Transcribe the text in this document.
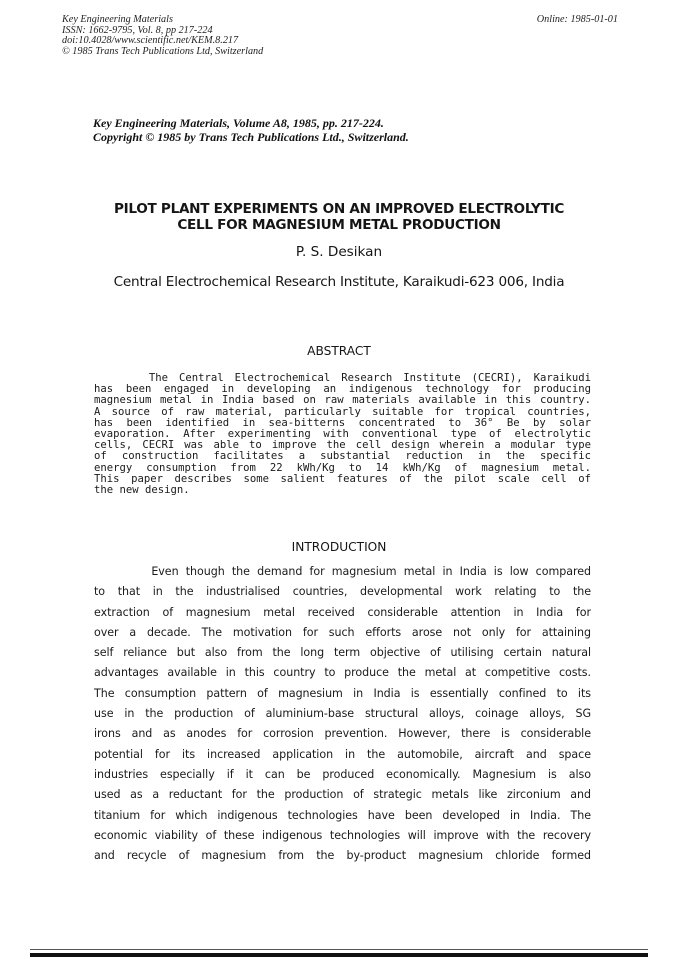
Key Engineering Materials
ISSN: 1662-9795, Vol. 8, pp 217-224
doi:10.4028/www.scientific.net/KEM.8.217
© 1985 Trans Tech Publications Ltd, Switzerland
Online: 1985-01-01
Key Engineering Materials, Volume A8, 1985, pp. 217-224.
Copyright © 1985 by Trans Tech Publications Ltd., Switzerland.
PILOT PLANT EXPERIMENTS ON AN IMPROVED ELECTROLYTIC
CELL FOR MAGNESIUM METAL PRODUCTION
P. S. Desikan
Central Electrochemical Research Institute, Karaikudi-623 006, India
ABSTRACT
The Central Electrochemical Research Institute (CECRI), Karaikudi
has been engaged in developing an indigenous technology for producing
magnesium metal in India based on raw materials available in this country.
A source of raw material, particularly suitable for tropical countries,
has been identified in sea-bitterns concentrated to 36° Be by solar
evaporation. After experimenting with conventional type of electrolytic
cells, CECRI was able to improve the cell design wherein a modular type
of construction facilitates a substantial reduction in the specific
energy consumption from 22 kWh/Kg to 14 kWh/Kg of magnesium metal.
This paper describes some salient features of the pilot scale cell of
the new design.
INTRODUCTION
Even though the demand for magnesium metal in India is low compared
to that in the industrialised countries, developmental work relating to the
extraction of magnesium metal received considerable attention in India for
over a decade. The motivation for such efforts arose not only for attaining
self reliance but also from the long term objective of utilising certain natural
advantages available in this country to produce the metal at competitive costs.
The consumption pattern of magnesium in India is essentially confined to its
use in the production of aluminium-base structural alloys, coinage alloys, SG
irons and as anodes for corrosion prevention. However, there is considerable
potential for its increased application in the automobile, aircraft and space
industries especially if it can be produced economically. Magnesium is also
used as a reductant for the production of strategic metals like zirconium and
titanium for which indigenous technologies have been developed in India. The
economic viability of these indigenous technologies will improve with the recovery
and recycle of magnesium from the by-product magnesium chloride formed
